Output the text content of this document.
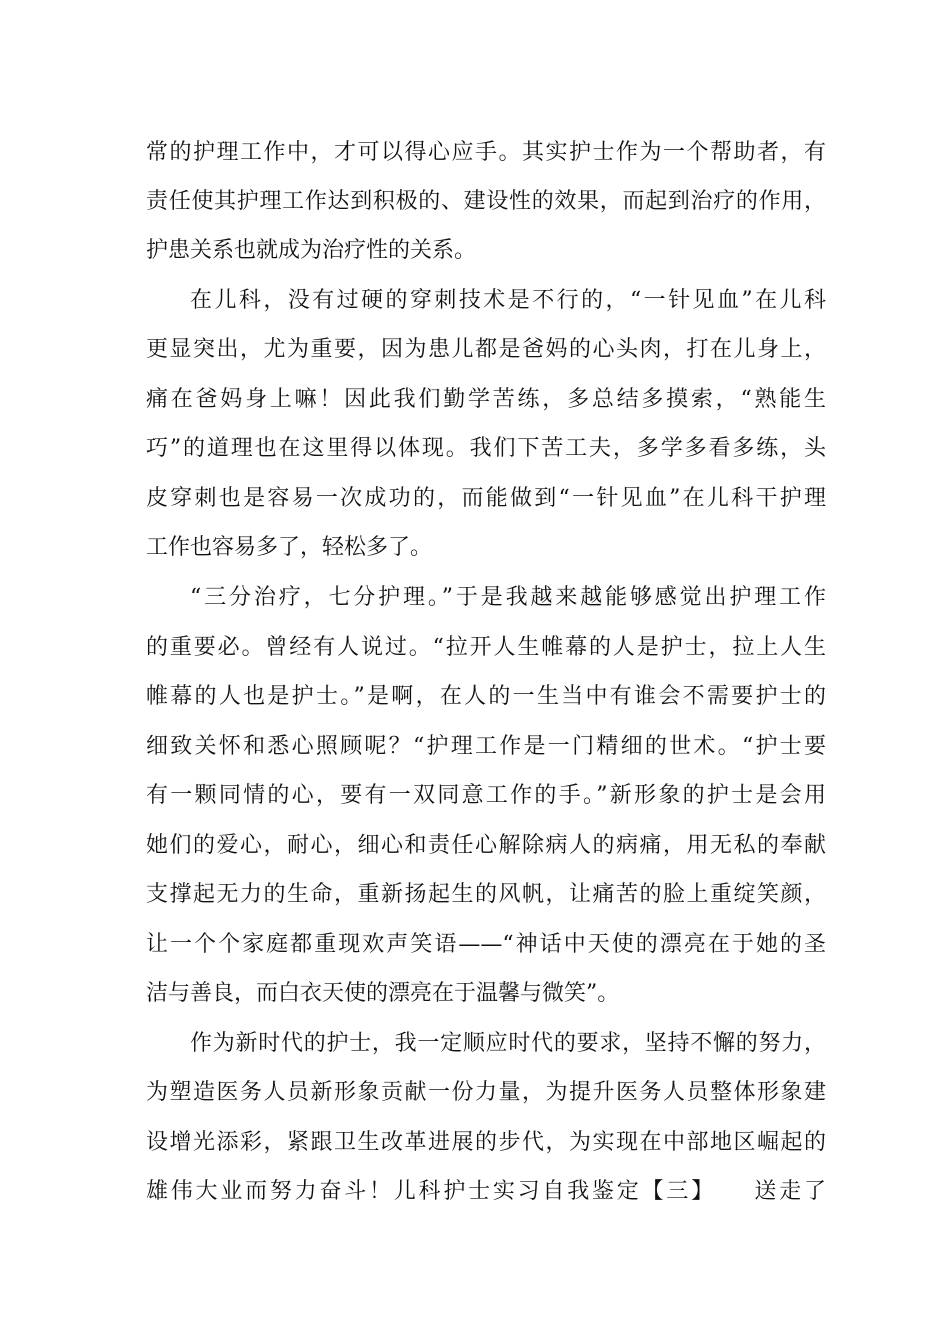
常的护理工作中，才可以得心应手。其实护士作为一个帮助者，有
责任使其护理工作达到积极的、建设性的效果，而起到治疗的作用，
护患关系也就成为治疗性的关系。
在儿科，没有过硬的穿刺技术是不行的，“一针见血”在儿科
更显突出，尤为重要，因为患儿都是爸妈的心头肉，打在儿身上，
痛在爸妈身上嘛！因此我们勤学苦练，多总结多摸索，“熟能生
巧”的道理也在这里得以体现。我们下苦工夫，多学多看多练，头
皮穿刺也是容易一次成功的，而能做到“一针见血”在儿科干护理
工作也容易多了，轻松多了。
“三分治疗，七分护理。”于是我越来越能够感觉出护理工作
的重要必。曾经有人说过。“拉开人生帷幕的人是护士，拉上人生
帷幕的人也是护士。”是啊，在人的一生当中有谁会不需要护士的
细致关怀和悉心照顾呢？“护理工作是一门精细的世术。“护士要
有一颗同情的心，要有一双同意工作的手。”新形象的护士是会用
她们的爱心，耐心，细心和责任心解除病人的病痛，用无私的奉献
支撑起无力的生命，重新扬起生的风帆，让痛苦的脸上重绽笑颜，
让一个个家庭都重现欢声笑语——“神话中天使的漂亮在于她的圣
洁与善良，而白衣天使的漂亮在于温馨与微笑”。
作为新时代的护士，我一定顺应时代的要求，坚持不懈的努力，
为塑造医务人员新形象贡献一份力量，为提升医务人员整体形象建
设增光添彩，紧跟卫生改革进展的步代，为实现在中部地区崛起的
雄伟大业而努力奋斗！儿科护士实习自我鉴定【三】　　送走了
